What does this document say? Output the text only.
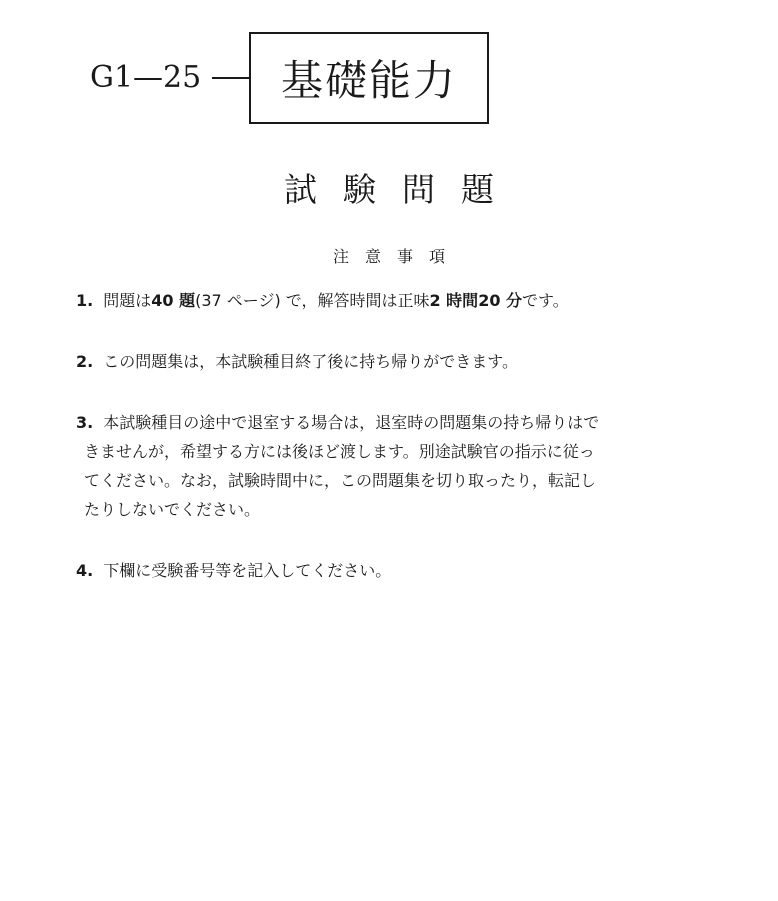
G1—25 基礎能力
試験問題
注意事項
1. 問題は40 題(37 ページ) で，解答時間は正味2 時間20 分です。
2. この問題集は，本試験種目終了後に持ち帰りができます。
3. 本試験種目の途中で退室する場合は，退室時の問題集の持ち帰りはで
きませんが，希望する方には後ほど渡します。別途試験官の指示に従っ
てください。なお，試験時間中に，この問題集を切り取ったり，転記し
たりしないでください。
4. 下欄に受験番号等を記入してください。
